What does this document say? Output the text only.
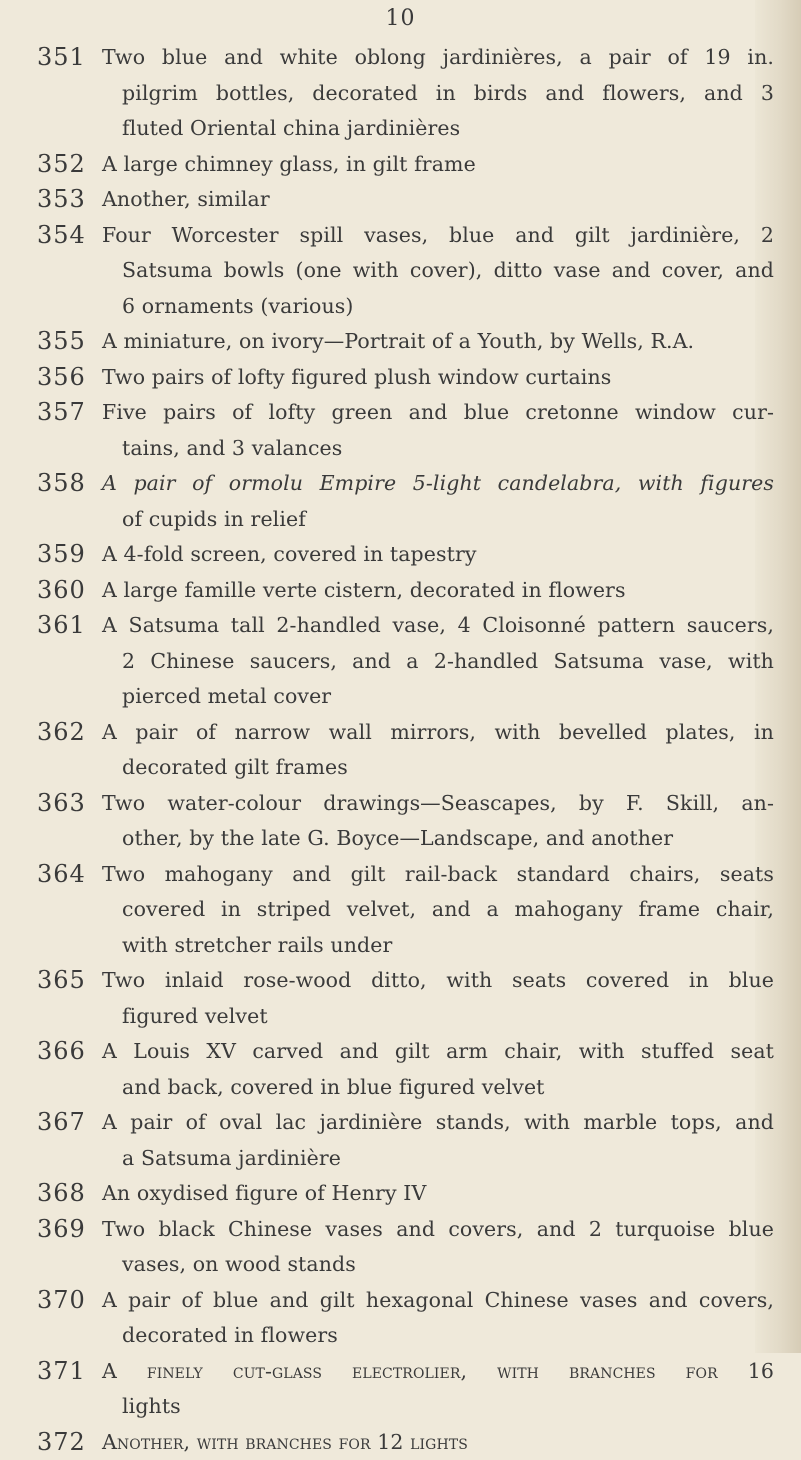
10
351 Two blue and white oblong jardinières, a pair of 19 in.
pilgrim bottles, decorated in birds and flowers, and 3
fluted Oriental china jardinières
352 A large chimney glass, in gilt frame
353 Another, similar
354 Four Worcester spill vases, blue and gilt jardinière, 2
Satsuma bowls (one with cover), ditto vase and cover, and
6 ornaments (various)
355 A miniature, on ivory—Portrait of a Youth, by Wells, R.A.
356 Two pairs of lofty figured plush window curtains
357 Five pairs of lofty green and blue cretonne window cur-
tains, and 3 valances
358 A pair of ormolu Empire 5-light candelabra, with figures
of cupids in relief
359 A 4-fold screen, covered in tapestry
360 A large famille verte cistern, decorated in flowers
361 A Satsuma tall 2-handled vase, 4 Cloisonné pattern saucers,
2 Chinese saucers, and a 2-handled Satsuma vase, with
pierced metal cover
362 A pair of narrow wall mirrors, with bevelled plates, in
decorated gilt frames
363 Two water-colour drawings—Seascapes, by F. Skill, an-
other, by the late G. Boyce—Landscape, and another
364 Two mahogany and gilt rail-back standard chairs, seats
covered in striped velvet, and a mahogany frame chair,
with stretcher rails under
365 Two inlaid rose-wood ditto, with seats covered in blue
figured velvet
366 A Louis XV carved and gilt arm chair, with stuffed seat
and back, covered in blue figured velvet
367 A pair of oval lac jardinière stands, with marble tops, and
a Satsuma jardinière
368 An oxydised figure of Henry IV
369 Two black Chinese vases and covers, and 2 turquoise blue
vases, on wood stands
370 A pair of blue and gilt hexagonal Chinese vases and covers,
decorated in flowers
371 A finely cut-glass electrolier, with branches for 16
lights
372 Another, with branches for 12 lights
